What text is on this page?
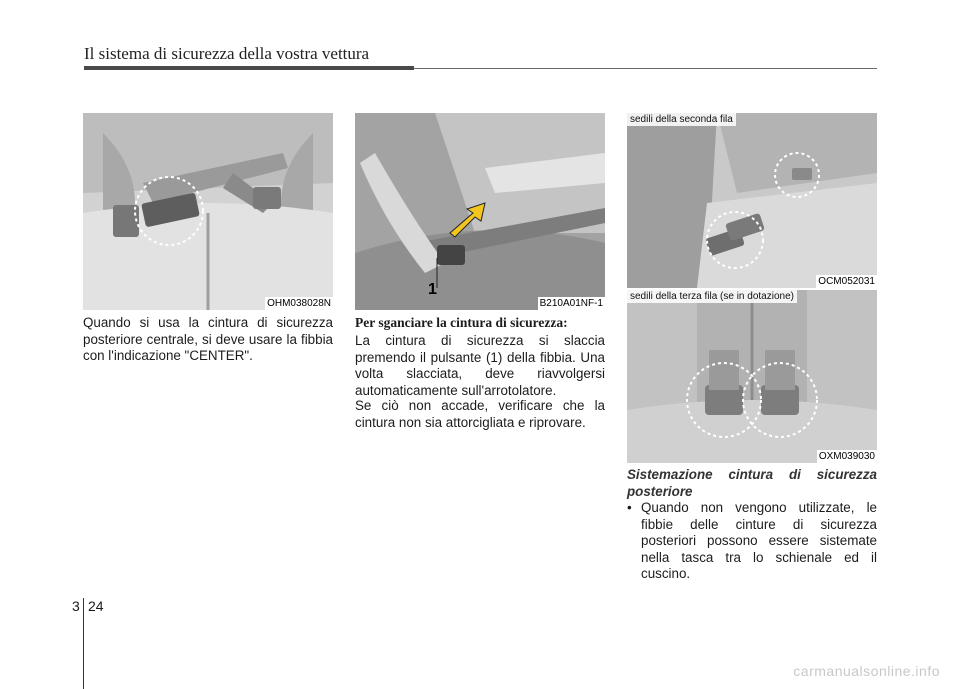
Il sistema di sicurezza della vostra vettura
OHM038028N
1
B210A01NF-1
sedili della seconda fila
OCM052031
sedili della terza fila (se in dotazione)
OXM039030
Quando si usa la cintura di sicurezza posteriore centrale, si deve usare la fibbia con l'indicazione "CENTER".
Per sganciare la cintura di sicurezza:
La cintura di sicurezza si slaccia premendo il pulsante (1) della fibbia. Una volta slacciata, deve riavvolgersi automaticamente sull'arrotolatore.
Se ciò non accade, verificare che la cintura non sia attorcigliata e riprovare.
Sistemazione cintura di sicurezza posteriore
• Quando non vengono utilizzate, le fibbie delle cinture di sicurezza posteriori possono essere sistemate nella tasca tra lo schienale ed il cuscino.
3 24
carmanualsonline.info
